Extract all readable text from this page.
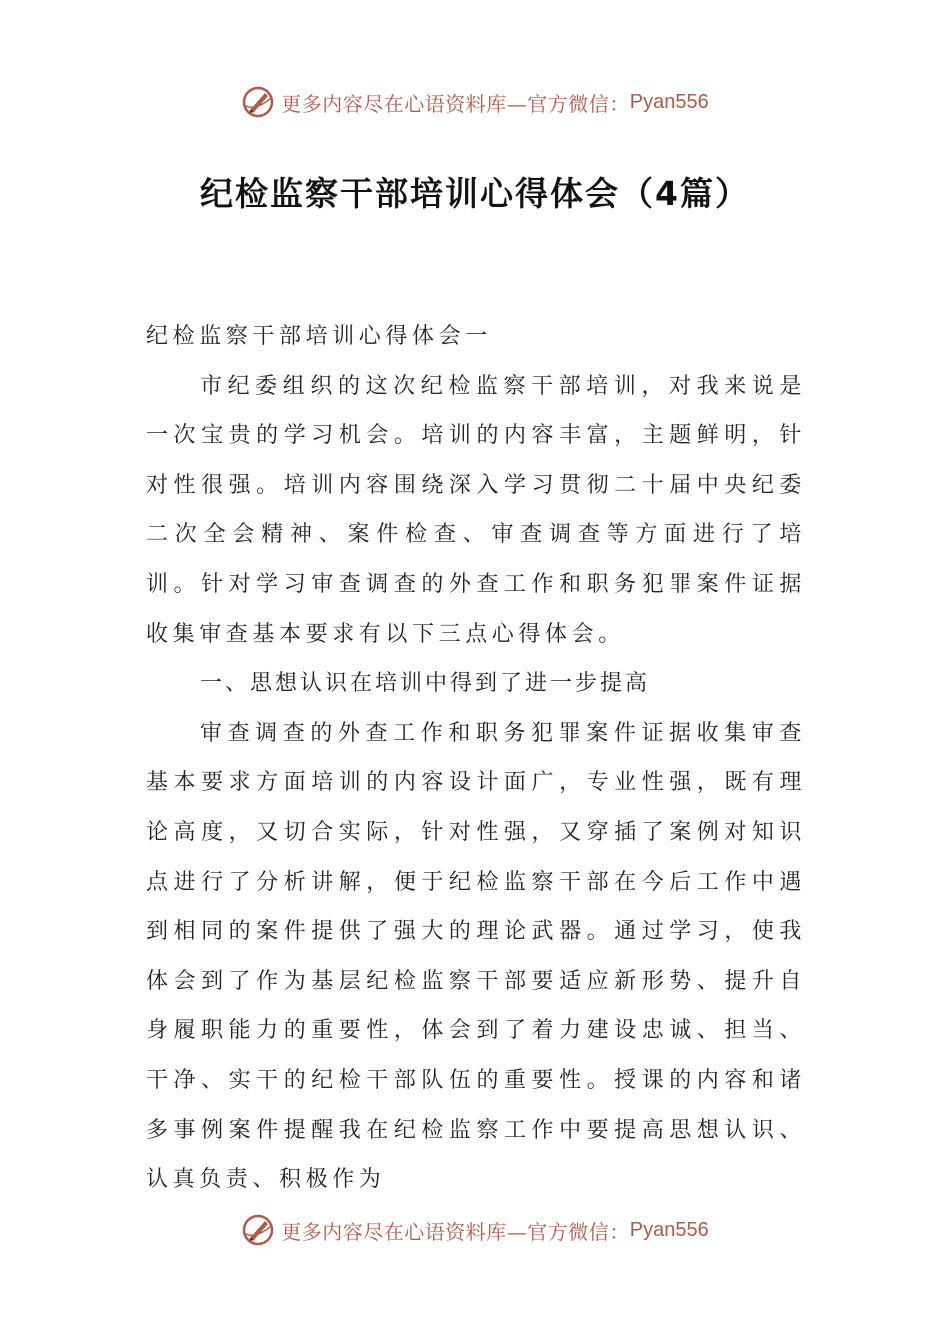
更多内容尽在心语资料库—官方微信： Pyan556
纪检监察干部培训心得体会（4篇）

纪检监察干部培训心得体会一

市纪委组织的这次纪检监察干部培训，对我来说是一次宝贵的学习机会。培训的内容丰富，主题鲜明，针对性很强。培训内容围绕深入学习贯彻二十届中央纪委二次全会精神、案件检查、审查调查等方面进行了培训。针对学习审查调查的外查工作和职务犯罪案件证据收集审查基本要求有以下三点心得体会。

一、思想认识在培训中得到了进一步提高

审查调查的外查工作和职务犯罪案件证据收集审查基本要求方面培训的内容设计面广，专业性强，既有理论高度，又切合实际，针对性强，又穿插了案例对知识点进行了分析讲解，便于纪检监察干部在今后工作中遇到相同的案件提供了强大的理论武器。通过学习，使我体会到了作为基层纪检监察干部要适应新形势、提升自身履职能力的重要性，体会到了着力建设忠诚、担当、干净、实干的纪检干部队伍的重要性。授课的内容和诸多事例案件提醒我在纪检监察工作中要提高思想认识、认真负责、积极作为

更多内容尽在心语资料库—官方微信： Pyan556
